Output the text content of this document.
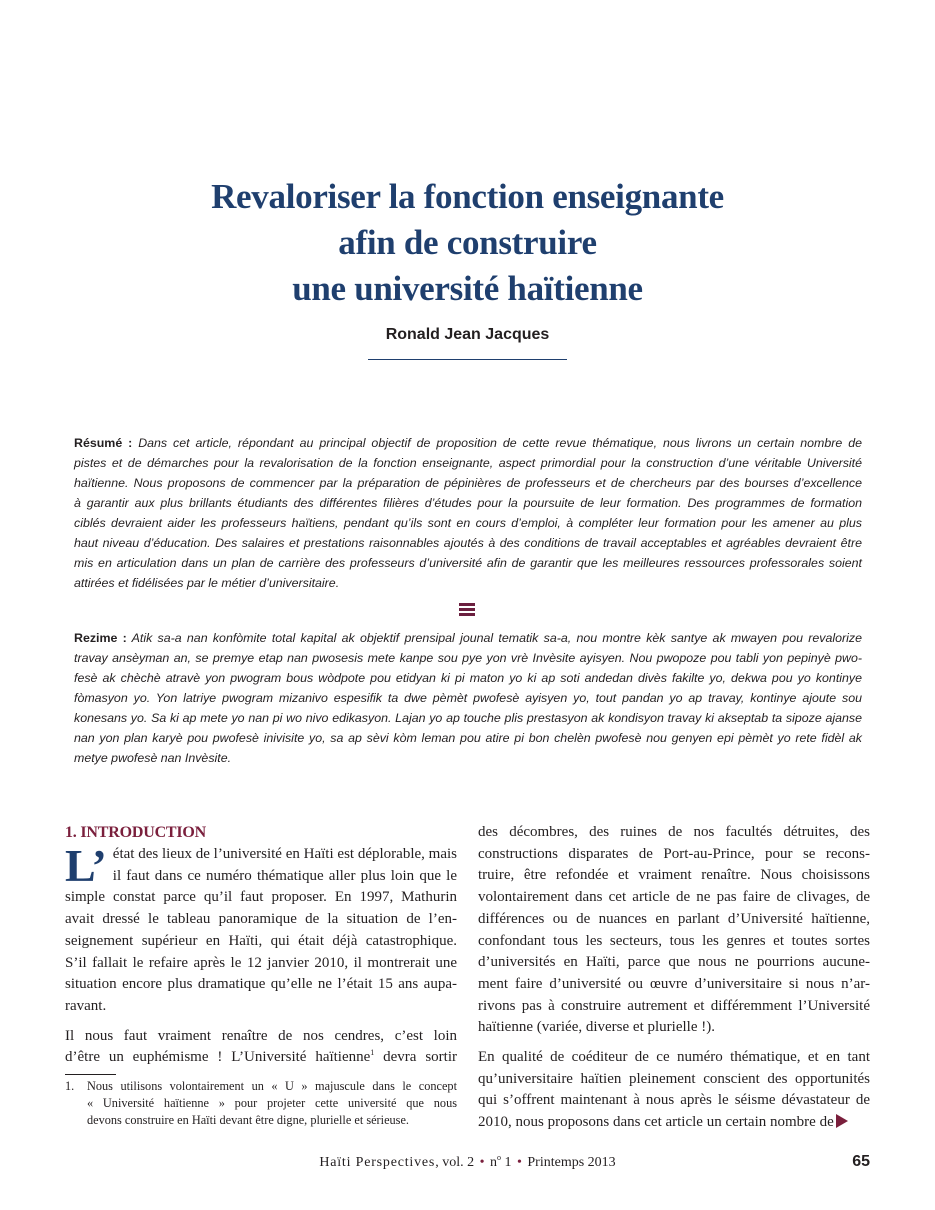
Revaloriser la fonction enseignante
afin de construire
une université haïtienne
Ronald Jean Jacques
Résumé : Dans cet article, répondant au principal objectif de proposition de cette revue thématique, nous livrons un certain nombre de
pistes et de démarches pour la revalorisation de la fonction enseignante, aspect primordial pour la construction d’une véritable Université
haïtienne. Nous proposons de commencer par la préparation de pépinières de professeurs et de chercheurs par des bourses d’excellence
à garantir aux plus brillants étudiants des différentes filières d’études pour la poursuite de leur formation. Des programmes de formation
ciblés devraient aider les professeurs haïtiens, pendant qu’ils sont en cours d’emploi, à compléter leur formation pour les amener au plus
haut niveau d’éducation. Des salaires et prestations raisonnables ajoutés à des conditions de travail acceptables et agréables devraient être
mis en articulation dans un plan de carrière des professeurs d’université afin de garantir que les meilleures ressources professorales soient
attirées et fidélisées par le métier d’universitaire.
Rezime : Atik sa-a nan konfòmite total kapital ak objektif prensipal jounal tematik sa-a, nou montre kèk santye ak mwayen pou revalorize
travay ansèyman an, se premye etap nan pwosesis mete kanpe sou pye yon vrè Invèsite ayisyen. Nou pwopoze pou tabli yon pepinyè pwo-
fesè ak chèchè atravè yon pwogram bous wòdpote pou etidyan ki pi maton yo ki ap soti andedan divès fakilte yo, dekwa pou yo kontinye
fòmasyon yo. Yon latriye pwogram mizanivo espesifik ta dwe pèmèt pwofesè ayisyen yo, tout pandan yo ap travay, kontinye ajoute sou
konesans yo. Sa ki ap mete yo nan pi wo nivo edikasyon. Lajan yo ap touche plis prestasyon ak kondisyon travay ki akseptab ta sipoze ajanse
nan yon plan karyè pou pwofesè inivisite yo, sa ap sèvi kòm leman pou atire pi bon chelèn pwofesè nou genyen epi pèmèt yo rete fidèl ak
metye pwofesè nan Invèsite.
1. INTRODUCTION
L’ état des lieux de l’université en Haïti est déplorable, mais
il faut dans ce numéro thématique aller plus loin que le
simple constat parce qu’il faut proposer. En 1997, Mathurin
avait dressé le tableau panoramique de la situation de l’en-
seignement supérieur en Haïti, qui était déjà catastrophique.
S’il fallait le refaire après le 12 janvier 2010, il montrerait une
situation encore plus dramatique qu’elle ne l’était 15 ans aupa-
ravant.
Il nous faut vraiment renaître de nos cendres, c’est loin
d’être un euphémisme ! L’Université haïtienne$^1$ devra sortir
1. Nous utilisons volontairement un « U » majuscule dans le concept
« Université haïtienne » pour projeter cette université que nous
devons construire en Haïti devant être digne, plurielle et sérieuse.
des décombres, des ruines de nos facultés détruites, des
constructions disparates de Port-au-Prince, pour se recons-
truire, être refondée et vraiment renaître. Nous choisissons
volontairement dans cet article de ne pas faire de clivages, de
différences ou de nuances en parlant d’Université haïtienne,
confondant tous les secteurs, tous les genres et toutes sortes
d’universités en Haïti, parce que nous ne pourrions aucune-
ment faire d’université ou œuvre d’universitaire si nous n’ar-
rivons pas à construire autrement et différemment l’Université
haïtienne (variée, diverse et plurielle !).
En qualité de coéditeur de ce numéro thématique, et en tant
qu’universitaire haïtien pleinement conscient des opportunités
qui s’offrent maintenant à nous après le séisme dévastateur de
2010, nous proposons dans cet article un certain nombre de
Haïti Perspectives, vol. 2 • $n^o$ 1 • Printemps 2013	65
